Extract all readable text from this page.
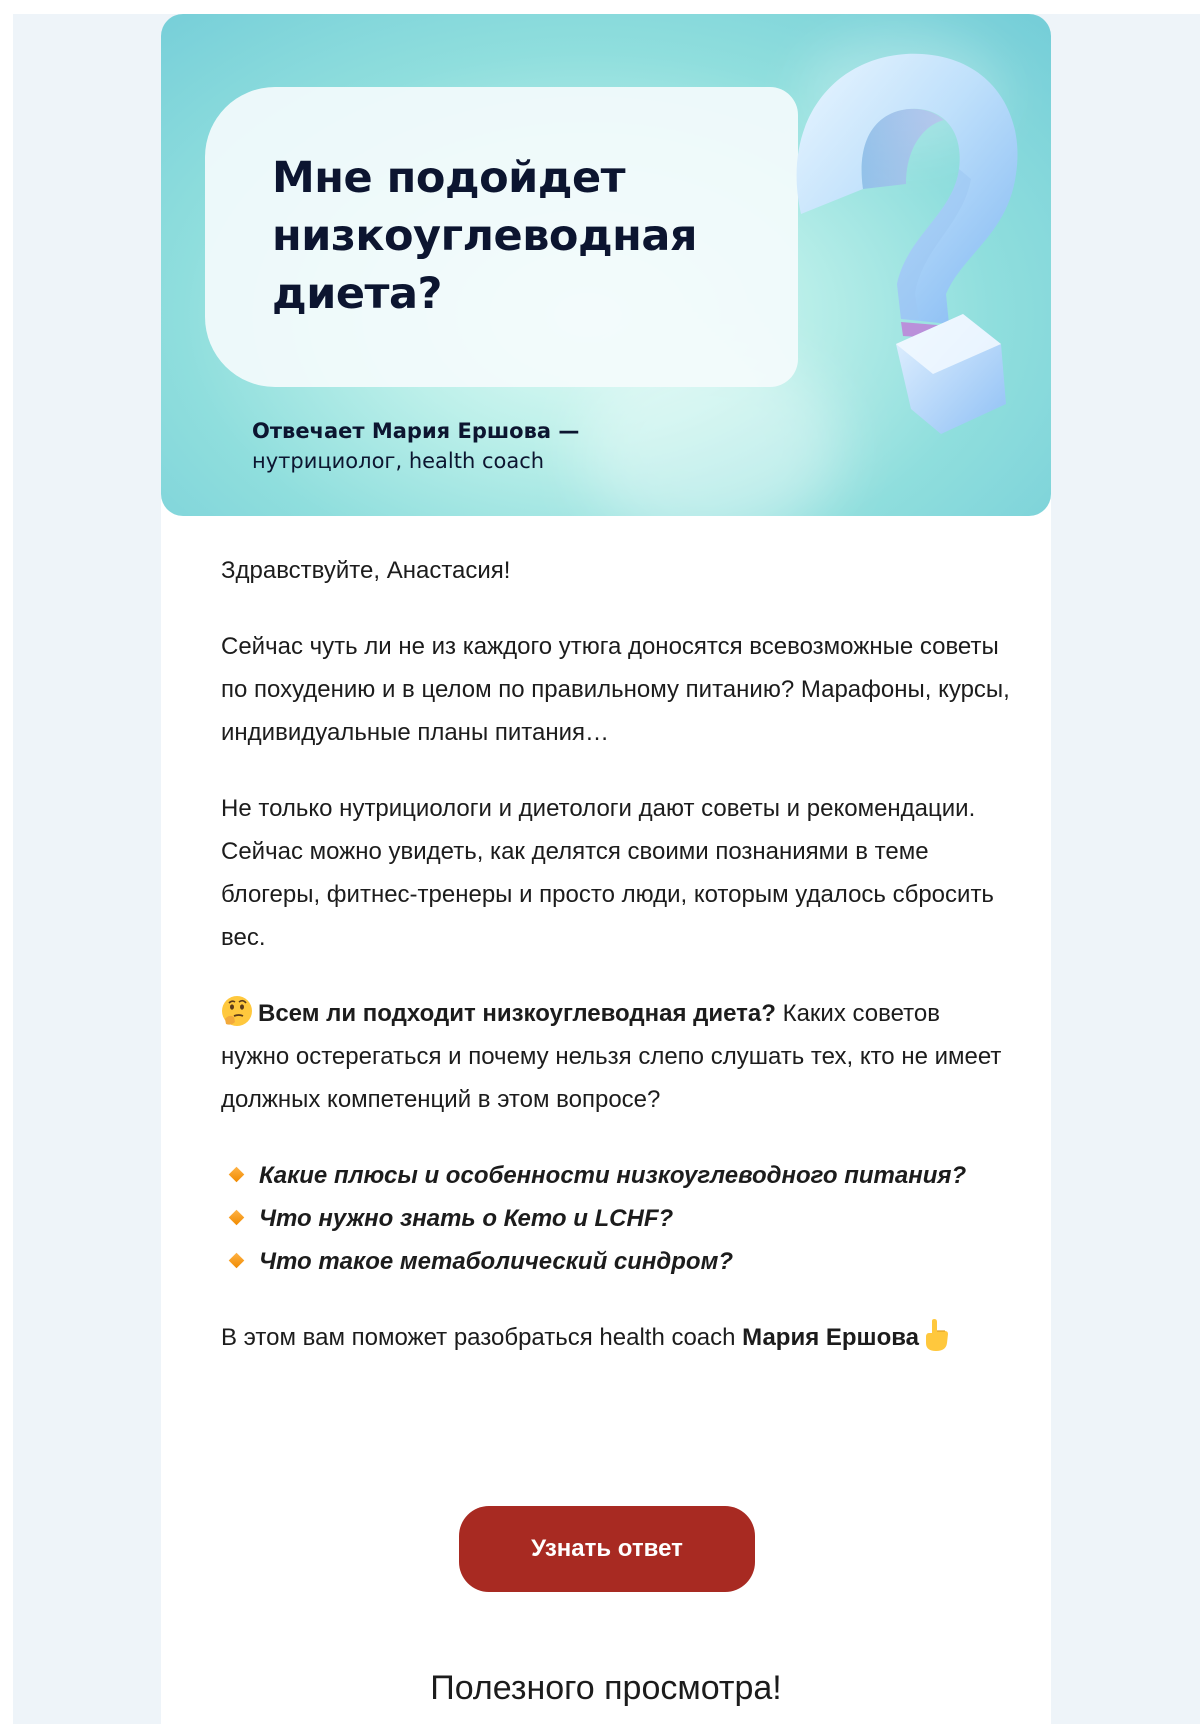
Мне подойдет низкоуглеводная диета?
Отвечает Мария Ершова —
нутрициолог, health coach

Здравствуйте, Анастасия!

Сейчас чуть ли не из каждого утюга доносятся всевозможные советы по похудению и в целом по правильному питанию? Марафоны, курсы, индивидуальные планы питания…

Не только нутрициологи и диетологи дают советы и рекомендации. Сейчас можно увидеть, как делятся своими познаниями в теме блогеры, фитнес-тренеры и просто люди, которым удалось сбросить вес.

Всем ли подходит низкоуглеводная диета? Каких советов нужно остерегаться и почему нельзя слепо слушать тех, кто не имеет должных компетенций в этом вопросе?

Какие плюсы и особенности низкоуглеводного питания?
Что нужно знать о Кето и LCHF?
Что такое метаболический синдром?

В этом вам поможет разобраться health coach Мария Ершова

Узнать ответ
Полезного просмотра!
